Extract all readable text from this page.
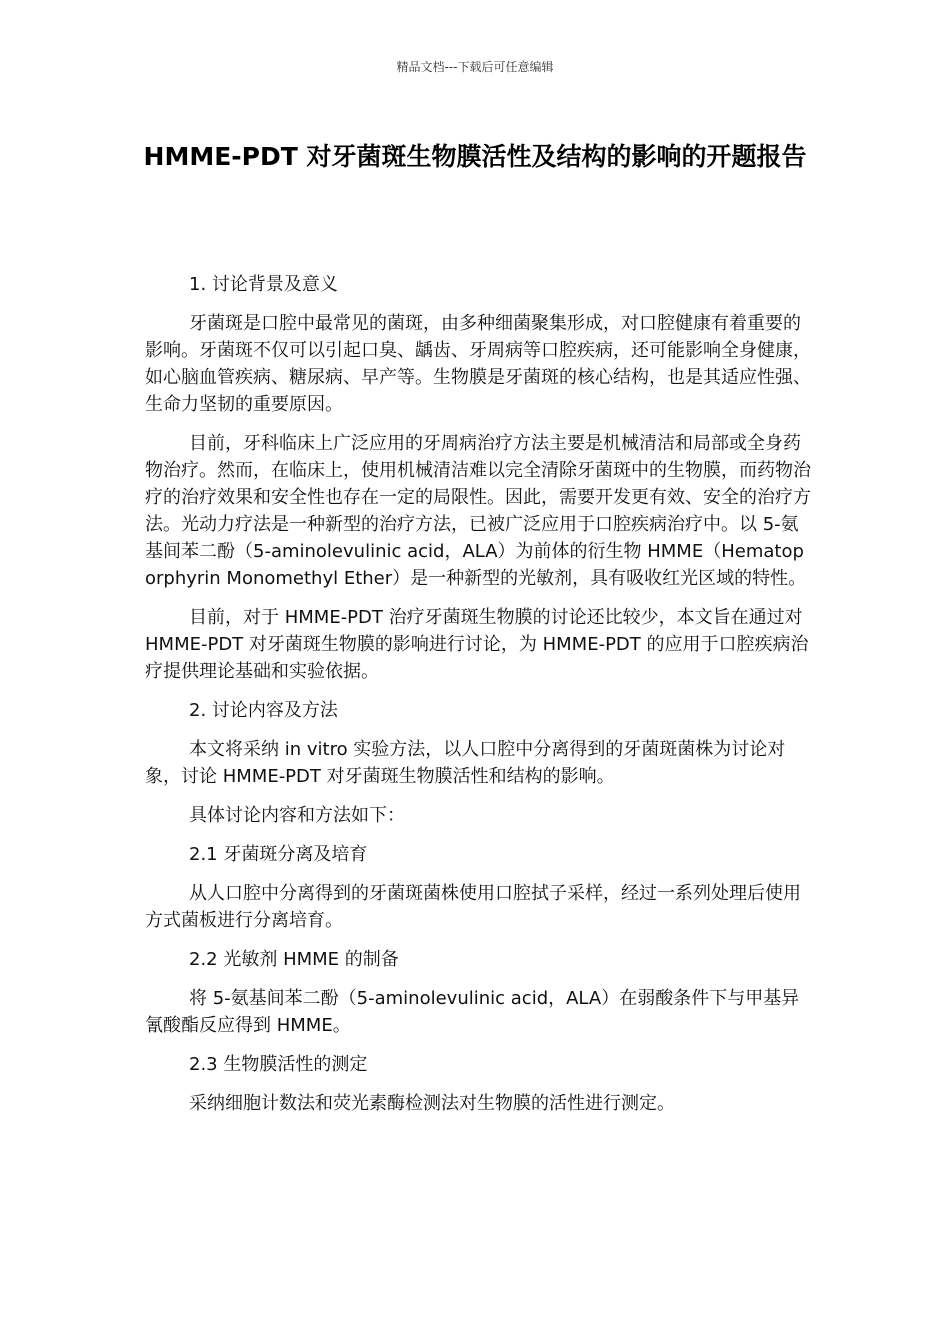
精品文档---下载后可任意编辑
HMME-PDT 对牙菌斑生物膜活性及结构的影响的开题报告

1. 讨论背景及意义

牙菌斑是口腔中最常见的菌斑，由多种细菌聚集形成，对口腔健康有着重要的影响。牙菌斑不仅可以引起口臭、龋齿、牙周病等口腔疾病，还可能影响全身健康，如心脑血管疾病、糖尿病、早产等。生物膜是牙菌斑的核心结构，也是其适应性强、生命力坚韧的重要原因。

目前，牙科临床上广泛应用的牙周病治疗方法主要是机械清洁和局部或全身药物治疗。然而，在临床上，使用机械清洁难以完全清除牙菌斑中的生物膜，而药物治疗的治疗效果和安全性也存在一定的局限性。因此，需要开发更有效、安全的治疗方法。光动力疗法是一种新型的治疗方法，已被广泛应用于口腔疾病治疗中。以 5-氨基间苯二酚（5-aminolevulinic acid，ALA）为前体的衍生物 HMME（Hematoporphyrin Monomethyl Ether）是一种新型的光敏剂，具有吸收红光区域的特性。

目前，对于 HMME-PDT 治疗牙菌斑生物膜的讨论还比较少，本文旨在通过对 HMME-PDT 对牙菌斑生物膜的影响进行讨论，为 HMME-PDT 的应用于口腔疾病治疗提供理论基础和实验依据。

2. 讨论内容及方法

本文将采纳 in vitro 实验方法，以人口腔中分离得到的牙菌斑菌株为讨论对象，讨论 HMME-PDT 对牙菌斑生物膜活性和结构的影响。

具体讨论内容和方法如下：

2.1 牙菌斑分离及培育

从人口腔中分离得到的牙菌斑菌株使用口腔拭子采样，经过一系列处理后使用方式菌板进行分离培育。

2.2 光敏剂 HMME 的制备

将 5-氨基间苯二酚（5-aminolevulinic acid，ALA）在弱酸条件下与甲基异氰酸酯反应得到 HMME。

2.3 生物膜活性的测定

采纳细胞计数法和荧光素酶检测法对生物膜的活性进行测定。
